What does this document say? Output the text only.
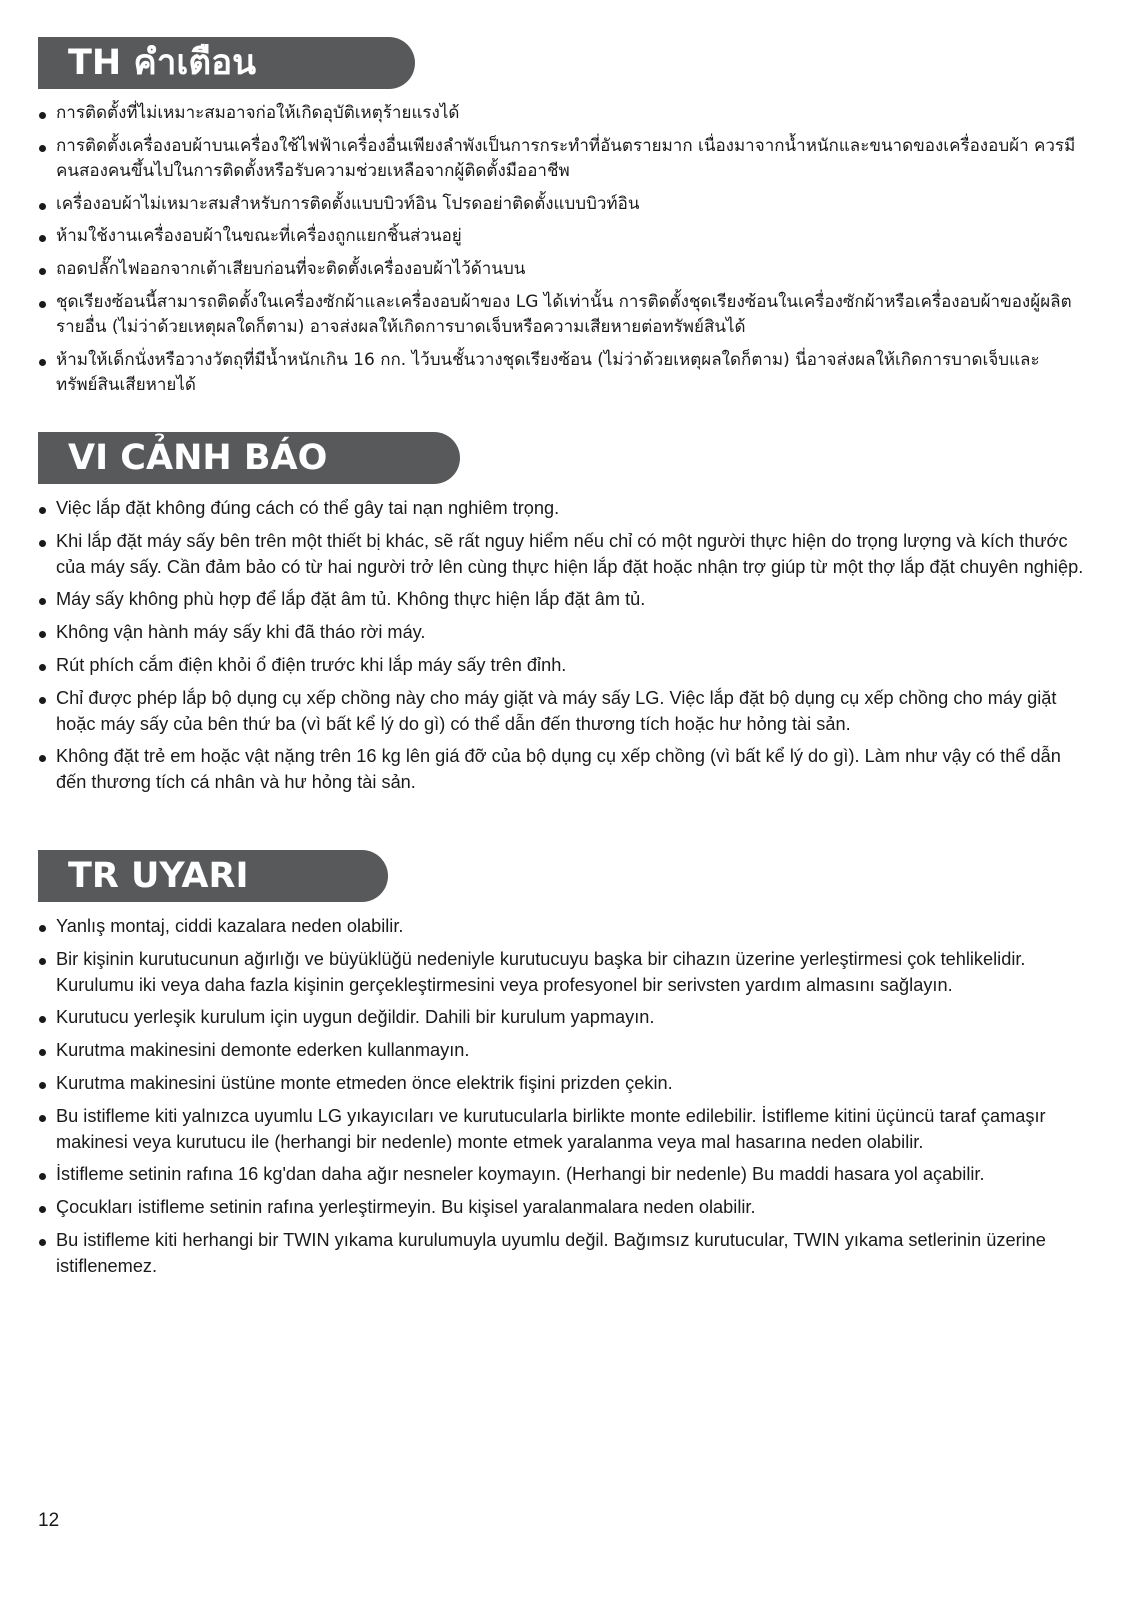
TH คำเตือน
การติดตั้งที่ไม่เหมาะสมอาจก่อให้เกิดอุบัติเหตุร้ายแรงได้
การติดตั้งเครื่องอบผ้าบนเครื่องใช้ไฟฟ้าเครื่องอื่นเพียงลำพังเป็นการกระทำที่อันตรายมาก เนื่องมาจากน้ำหนักและขนาดของเครื่องอบผ้า ควรมีคนสองคนขึ้นไปในการติดตั้งหรือรับความช่วยเหลือจากผู้ติดตั้งมืออาชีพ
เครื่องอบผ้าไม่เหมาะสมสำหรับการติดตั้งแบบบิวท์อิน โปรดอย่าติดตั้งแบบบิวท์อิน
ห้ามใช้งานเครื่องอบผ้าในขณะที่เครื่องถูกแยกชิ้นส่วนอยู่
ถอดปลั๊กไฟออกจากเต้าเสียบก่อนที่จะติดตั้งเครื่องอบผ้าไว้ด้านบน
ชุดเรียงซ้อนนี้สามารถติดตั้งในเครื่องซักผ้าและเครื่องอบผ้าของ LG ได้เท่านั้น การติดตั้งชุดเรียงซ้อนในเครื่องซักผ้าหรือเครื่องอบผ้าของผู้ผลิตรายอื่น (ไม่ว่าด้วยเหตุผลใดก็ตาม) อาจส่งผลให้เกิดการบาดเจ็บหรือความเสียหายต่อทรัพย์สินได้
ห้ามให้เด็กนั่งหรือวางวัตถุที่มีน้ำหนักเกิน 16 กก. ไว้บนชั้นวางชุดเรียงซ้อน (ไม่ว่าด้วยเหตุผลใดก็ตาม) นี่อาจส่งผลให้เกิดการบาดเจ็บและทรัพย์สินเสียหายได้
VI CẢNH BÁO
Việc lắp đặt không đúng cách có thể gây tai nạn nghiêm trọng.
Khi lắp đặt máy sấy bên trên một thiết bị khác, sẽ rất nguy hiểm nếu chỉ có một người thực hiện do trọng lượng và kích thước của máy sấy. Cần đảm bảo có từ hai người trở lên cùng thực hiện lắp đặt hoặc nhận trợ giúp từ một thợ lắp đặt chuyên nghiệp.
Máy sấy không phù hợp để lắp đặt âm tủ. Không thực hiện lắp đặt âm tủ.
Không vận hành máy sấy khi đã tháo rời máy.
Rút phích cắm điện khỏi ổ điện trước khi lắp máy sấy trên đỉnh.
Chỉ được phép lắp bộ dụng cụ xếp chồng này cho máy giặt và máy sấy LG. Việc lắp đặt bộ dụng cụ xếp chồng cho máy giặt hoặc máy sấy của bên thứ ba (vì bất kể lý do gì) có thể dẫn đến thương tích hoặc hư hỏng tài sản.
Không đặt trẻ em hoặc vật nặng trên 16 kg lên giá đỡ của bộ dụng cụ xếp chồng (vì bất kể lý do gì). Làm như vậy có thể dẫn đến thương tích cá nhân và hư hỏng tài sản.
TR UYARI
Yanlış montaj, ciddi kazalara neden olabilir.
Bir kişinin kurutucunun ağırlığı ve büyüklüğü nedeniyle kurutucuyu başka bir cihazın üzerine yerleştirmesi çok tehlikelidir. Kurulumu iki veya daha fazla kişinin gerçekleştirmesini veya profesyonel bir serivsten yardım almasını sağlayın.
Kurutucu yerleşik kurulum için uygun değildir. Dahili bir kurulum yapmayın.
Kurutma makinesini demonte ederken kullanmayın.
Kurutma makinesini üstüne monte etmeden önce elektrik fişini prizden çekin.
Bu istifleme kiti yalnızca uyumlu LG yıkayıcıları ve kurutucularla birlikte monte edilebilir. İstifleme kitini üçüncü taraf çamaşır makinesi veya kurutucu ile (herhangi bir nedenle) monte etmek yaralanma veya mal hasarına neden olabilir.
İstifleme setinin rafına 16 kg'dan daha ağır nesneler koymayın. (Herhangi bir nedenle) Bu maddi hasara yol açabilir.
Çocukları istifleme setinin rafına yerleştirmeyin. Bu kişisel yaralanmalara neden olabilir.
Bu istifleme kiti herhangi bir TWIN yıkama kurulumuyla uyumlu değil. Bağımsız kurutucular, TWIN yıkama setlerinin üzerine istiflenemez.
12
